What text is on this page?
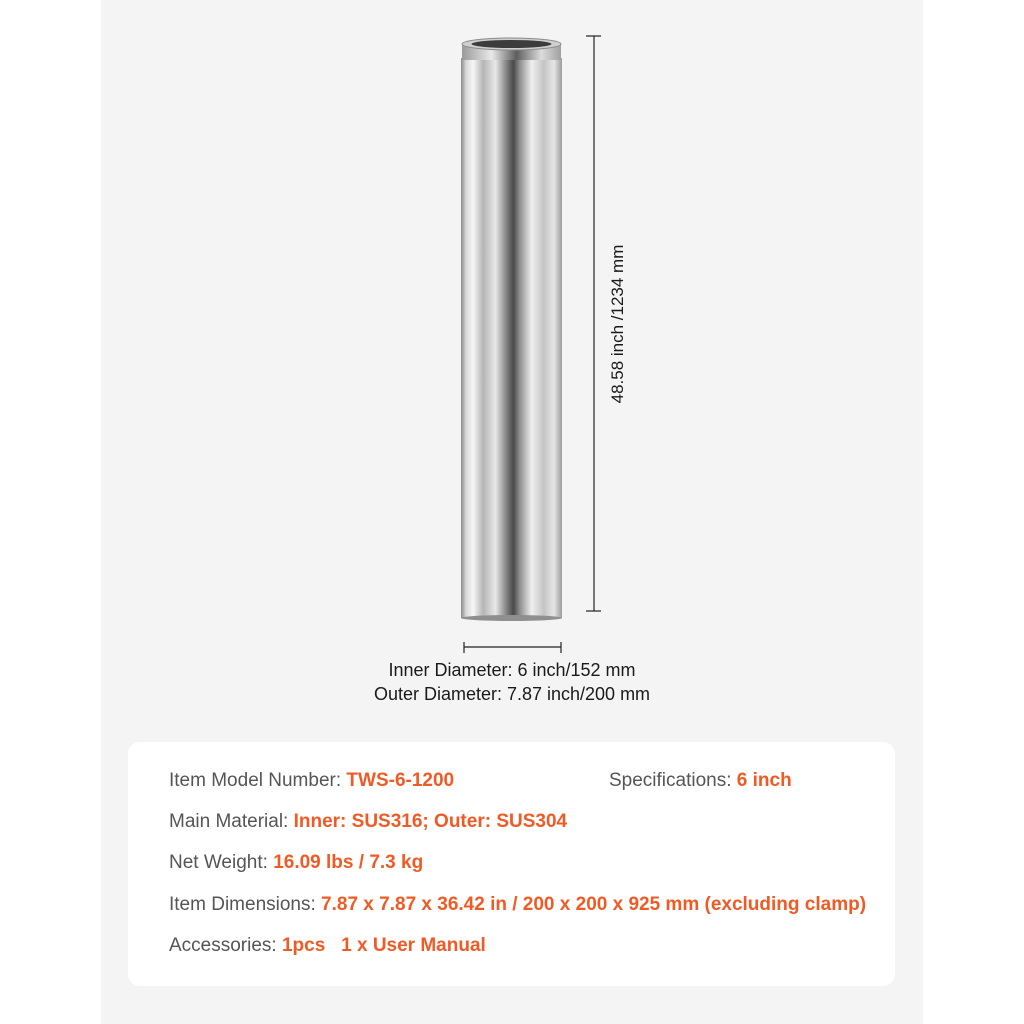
48.58 inch /1234 mm
Inner Diameter: 6 inch/152 mm
Outer Diameter: 7.87 inch/200 mm
Item Model Number: TWS-6-1200	Specifications: 6 inch
Main Material: Inner: SUS316; Outer: SUS304
Net Weight: 16.09 lbs / 7.3 kg
Item Dimensions: 7.87 x 7.87 x 36.42 in / 200 x 200 x 925 mm (excluding clamp)
Accessories: 1pcs   1 x User Manual
